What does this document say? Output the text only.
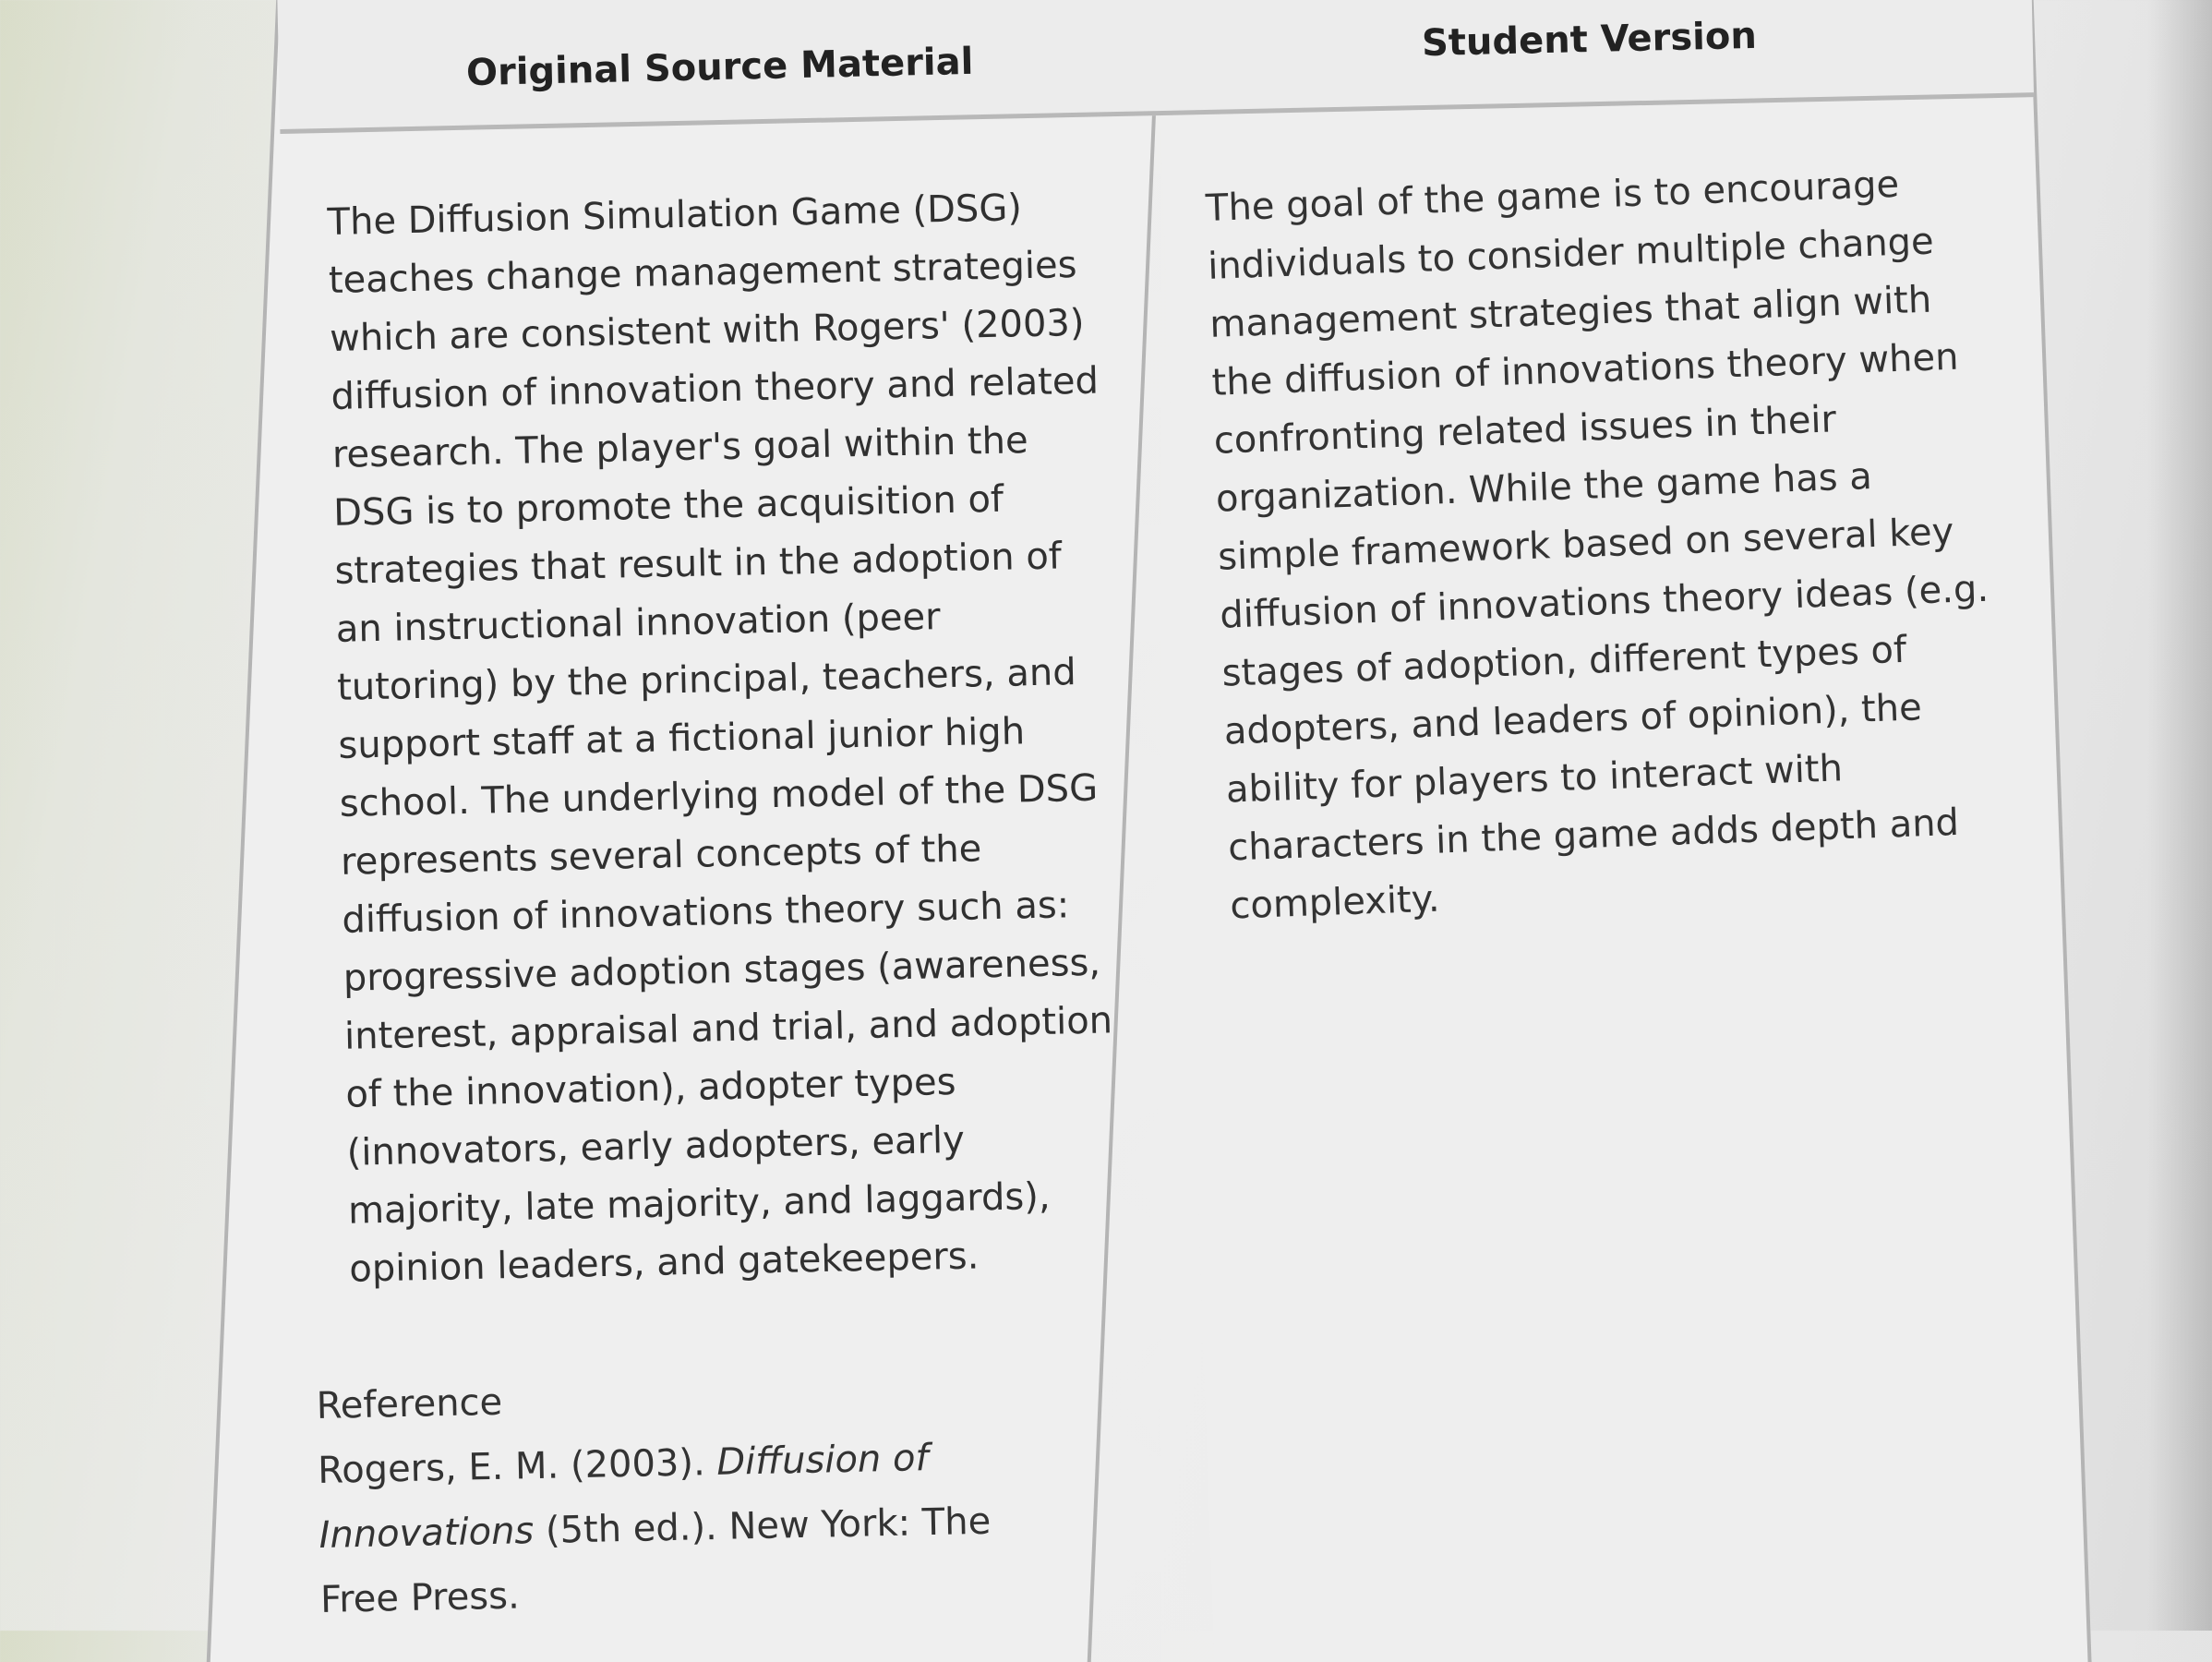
Original Source Material
Student Version
The Diffusion Simulation Game (DSG)
teaches change management strategies
which are consistent with Rogers' (2003)
diffusion of innovation theory and related
research. The player's goal within the
DSG is to promote the acquisition of
strategies that result in the adoption of
an instructional innovation (peer
tutoring) by the principal, teachers, and
support staff at a fictional junior high
school. The underlying model of the DSG
represents several concepts of the
diffusion of innovations theory such as:
progressive adoption stages (awareness,
interest, appraisal and trial, and adoption
of the innovation), adopter types
(innovators, early adopters, early
majority, late majority, and laggards),
opinion leaders, and gatekeepers.
Reference
Rogers, E. M. (2003). Diffusion of
Innovations (5th ed.). New York: The
Free Press.
The goal of the game is to encourage
individuals to consider multiple change
management strategies that align with
the diffusion of innovations theory when
confronting related issues in their
organization. While the game has a
simple framework based on several key
diffusion of innovations theory ideas (e.g.
stages of adoption, different types of
adopters, and leaders of opinion), the
ability for players to interact with
characters in the game adds depth and
complexity.
